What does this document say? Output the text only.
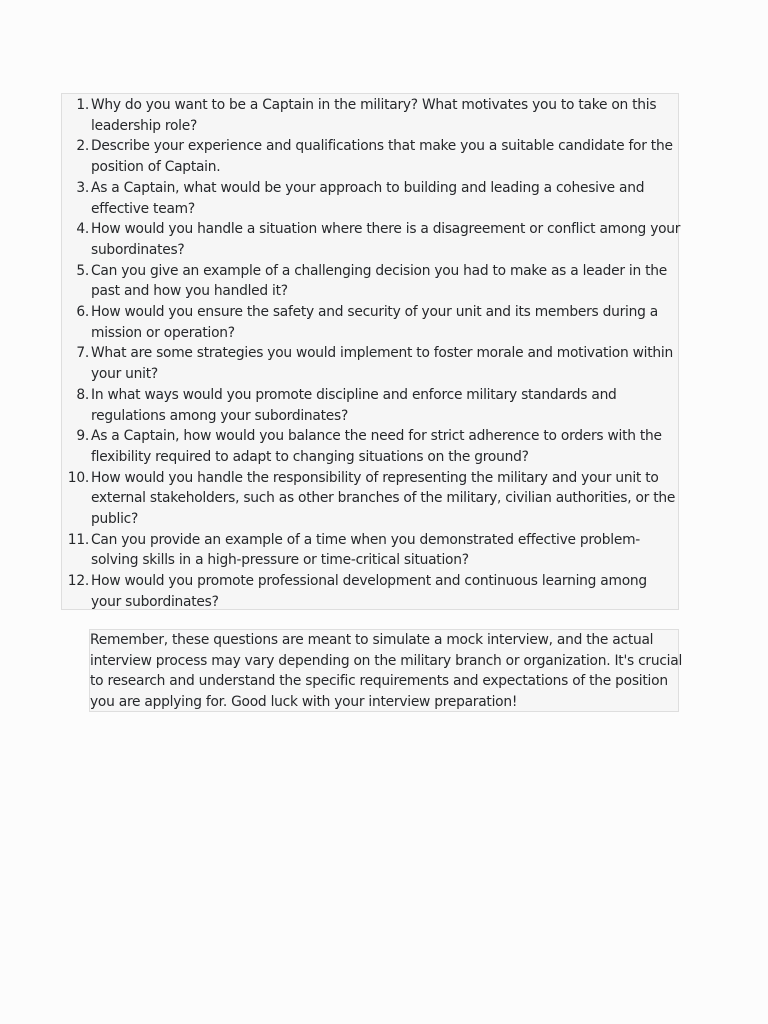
1. Why do you want to be a Captain in the military? What motivates you to take on this
leadership role?
2. Describe your experience and qualifications that make you a suitable candidate for the
position of Captain.
3. As a Captain, what would be your approach to building and leading a cohesive and
effective team?
4. How would you handle a situation where there is a disagreement or conflict among your
subordinates?
5. Can you give an example of a challenging decision you had to make as a leader in the
past and how you handled it?
6. How would you ensure the safety and security of your unit and its members during a
mission or operation?
7. What are some strategies you would implement to foster morale and motivation within
your unit?
8. In what ways would you promote discipline and enforce military standards and
regulations among your subordinates?
9. As a Captain, how would you balance the need for strict adherence to orders with the
flexibility required to adapt to changing situations on the ground?
10. How would you handle the responsibility of representing the military and your unit to
external stakeholders, such as other branches of the military, civilian authorities, or the
public?
11. Can you provide an example of a time when you demonstrated effective problem-
solving skills in a high-pressure or time-critical situation?
12. How would you promote professional development and continuous learning among
your subordinates?
Remember, these questions are meant to simulate a mock interview, and the actual
interview process may vary depending on the military branch or organization. It's crucial
to research and understand the specific requirements and expectations of the position
you are applying for. Good luck with your interview preparation!
